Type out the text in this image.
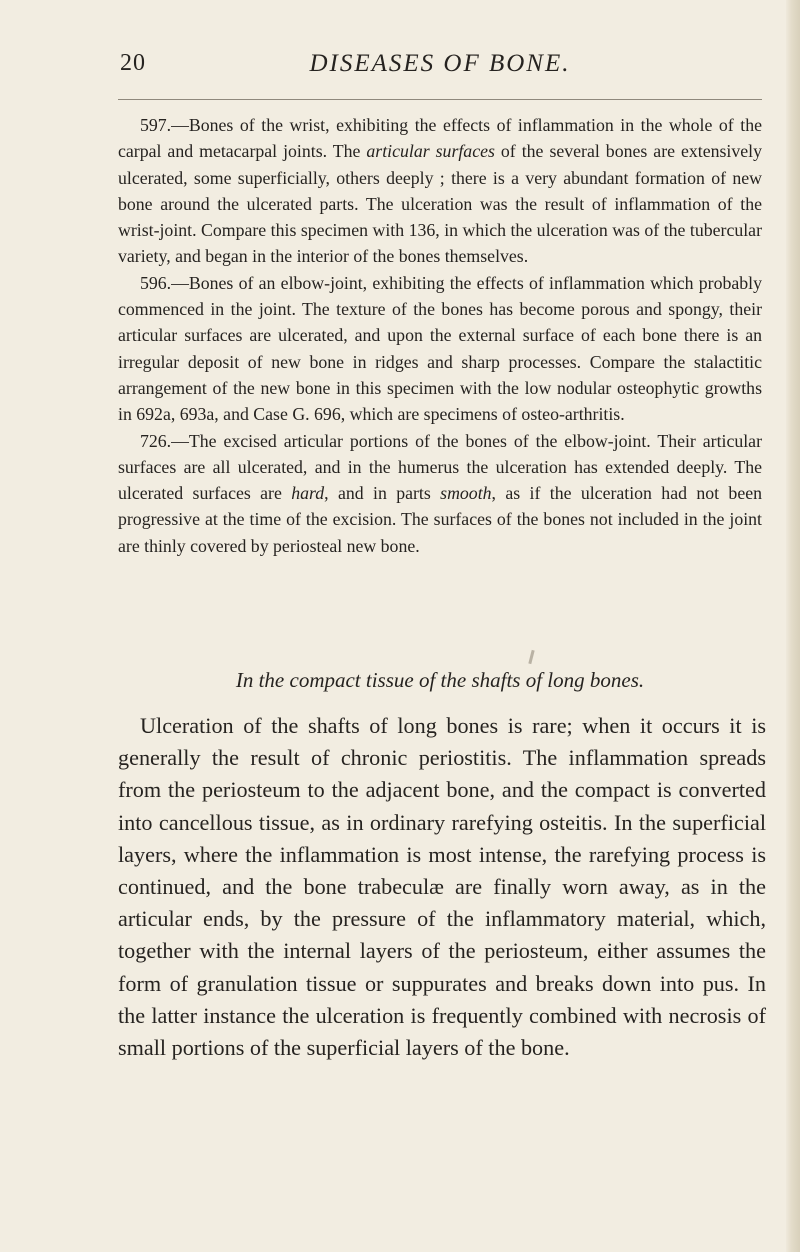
20	DISEASES OF BONE.

597.—Bones of the wrist, exhibiting the effects of inflammation in the whole of the carpal and metacarpal joints. The articular surfaces of the several bones are extensively ulcerated, some superficially, others deeply ; there is a very abundant formation of new bone around the ulcerated parts. The ulceration was the result of inflammation of the wrist-joint. Compare this specimen with 136, in which the ulceration was of the tubercular variety, and began in the interior of the bones themselves.

596.—Bones of an elbow-joint, exhibiting the effects of inflammation which probably commenced in the joint. The texture of the bones has become porous and spongy, their articular surfaces are ulcerated, and upon the external surface of each bone there is an irregular deposit of new bone in ridges and sharp processes. Compare the stalactitic arrangement of the new bone in this specimen with the low nodular osteophytic growths in 692a, 693a, and Case G. 696, which are specimens of osteo-arthritis.

726.—The excised articular portions of the bones of the elbow-joint. Their articular surfaces are all ulcerated, and in the humerus the ulceration has extended deeply. The ulcerated surfaces are hard, and in parts smooth, as if the ulceration had not been progressive at the time of the excision. The surfaces of the bones not included in the joint are thinly covered by periosteal new bone.

In the compact tissue of the shafts of long bones.

Ulceration of the shafts of long bones is rare; when it occurs it is generally the result of chronic periostitis. The inflammation spreads from the periosteum to the adjacent bone, and the compact is converted into cancellous tissue, as in ordinary rarefying osteitis. In the superficial layers, where the inflammation is most intense, the rarefying process is continued, and the bone trabeculæ are finally worn away, as in the articular ends, by the pressure of the inflammatory material, which, together with the internal layers of the periosteum, either assumes the form of granulation tissue or suppurates and breaks down into pus. In the latter instance the ulceration is frequently combined with necrosis of small portions of the superficial layers of the bone.
